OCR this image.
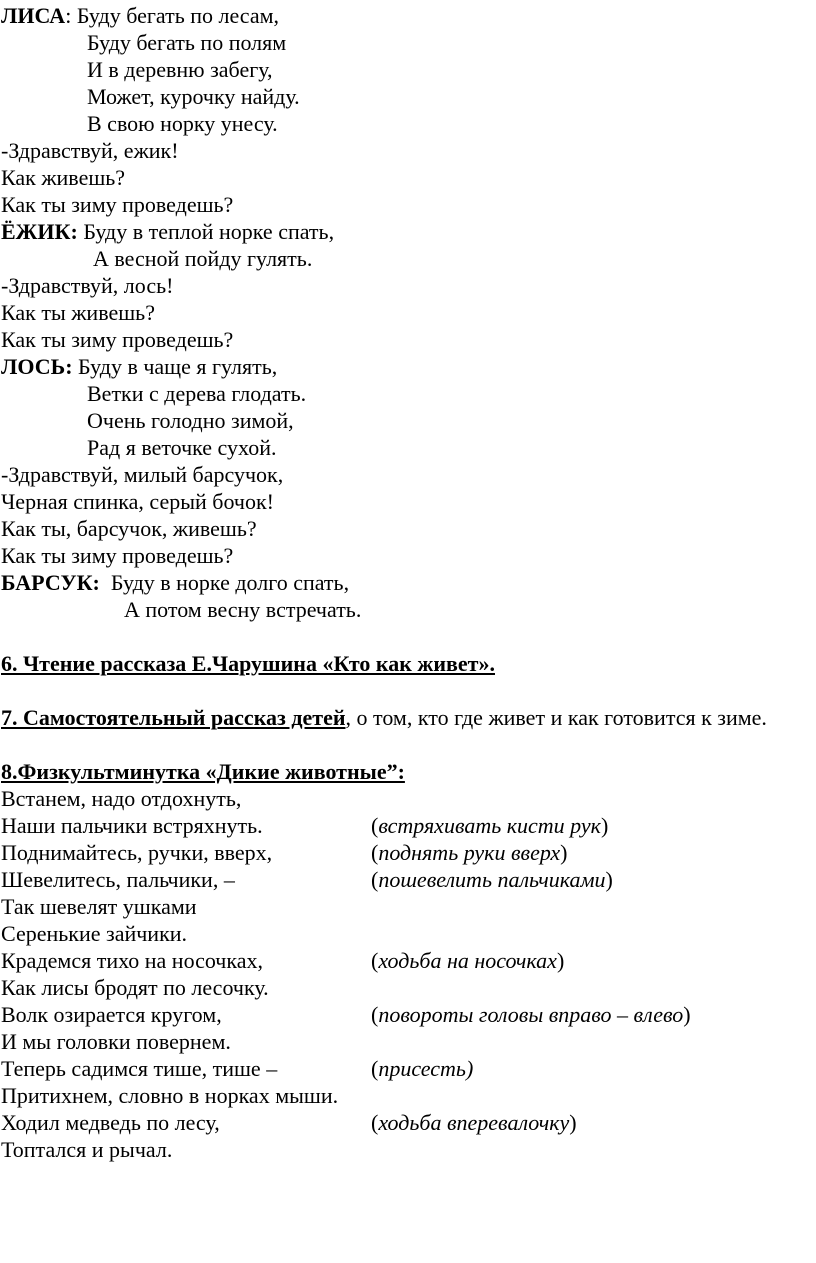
ЛИСА: Буду бегать по лесам,
Буду бегать по полям
И в деревню забегу,
Может, курочку найду.
В свою норку унесу.
-Здравствуй, ежик!
Как живешь?
Как ты зиму проведешь?
ЁЖИК: Буду в теплой норке спать,
А весной пойду гулять.
-Здравствуй, лось!
Как ты живешь?
Как ты зиму проведешь?
ЛОСЬ: Буду в чаще я гулять,
Ветки с дерева глодать.
Очень голодно зимой,
Рад я веточке сухой.
-Здравствуй, милый барсучок,
Черная спинка, серый бочок!
Как ты, барсучок, живешь?
Как ты зиму проведешь?
БАРСУК: Буду в норке долго спать,
А потом весну встречать.
6. Чтение рассказа Е.Чарушина «Кто как живет».
7. Самостоятельный рассказ детей, о том, кто где живет и как готовится к зиме.
8.Физкультминутка «Дикие животные”:
Встанем, надо отдохнуть,
Наши пальчики встряхнуть.	(встряхивать кисти рук)
Поднимайтесь, ручки, вверх,	(поднять руки вверх)
Шевелитесь, пальчики, –	(пошевелить пальчиками)
Так шевелят ушками
Серенькие зайчики.
Крадемся тихо на носочках,	(ходьба на носочках)
Как лисы бродят по лесочку.
Волк озирается кругом,	(повороты головы вправо – влево)
И мы головки повернем.
Теперь садимся тише, тише –	(присесть)
Притихнем, словно в норках мыши.
Ходил медведь по лесу,	(ходьба вперевалочку)
Топтался и рычал.
